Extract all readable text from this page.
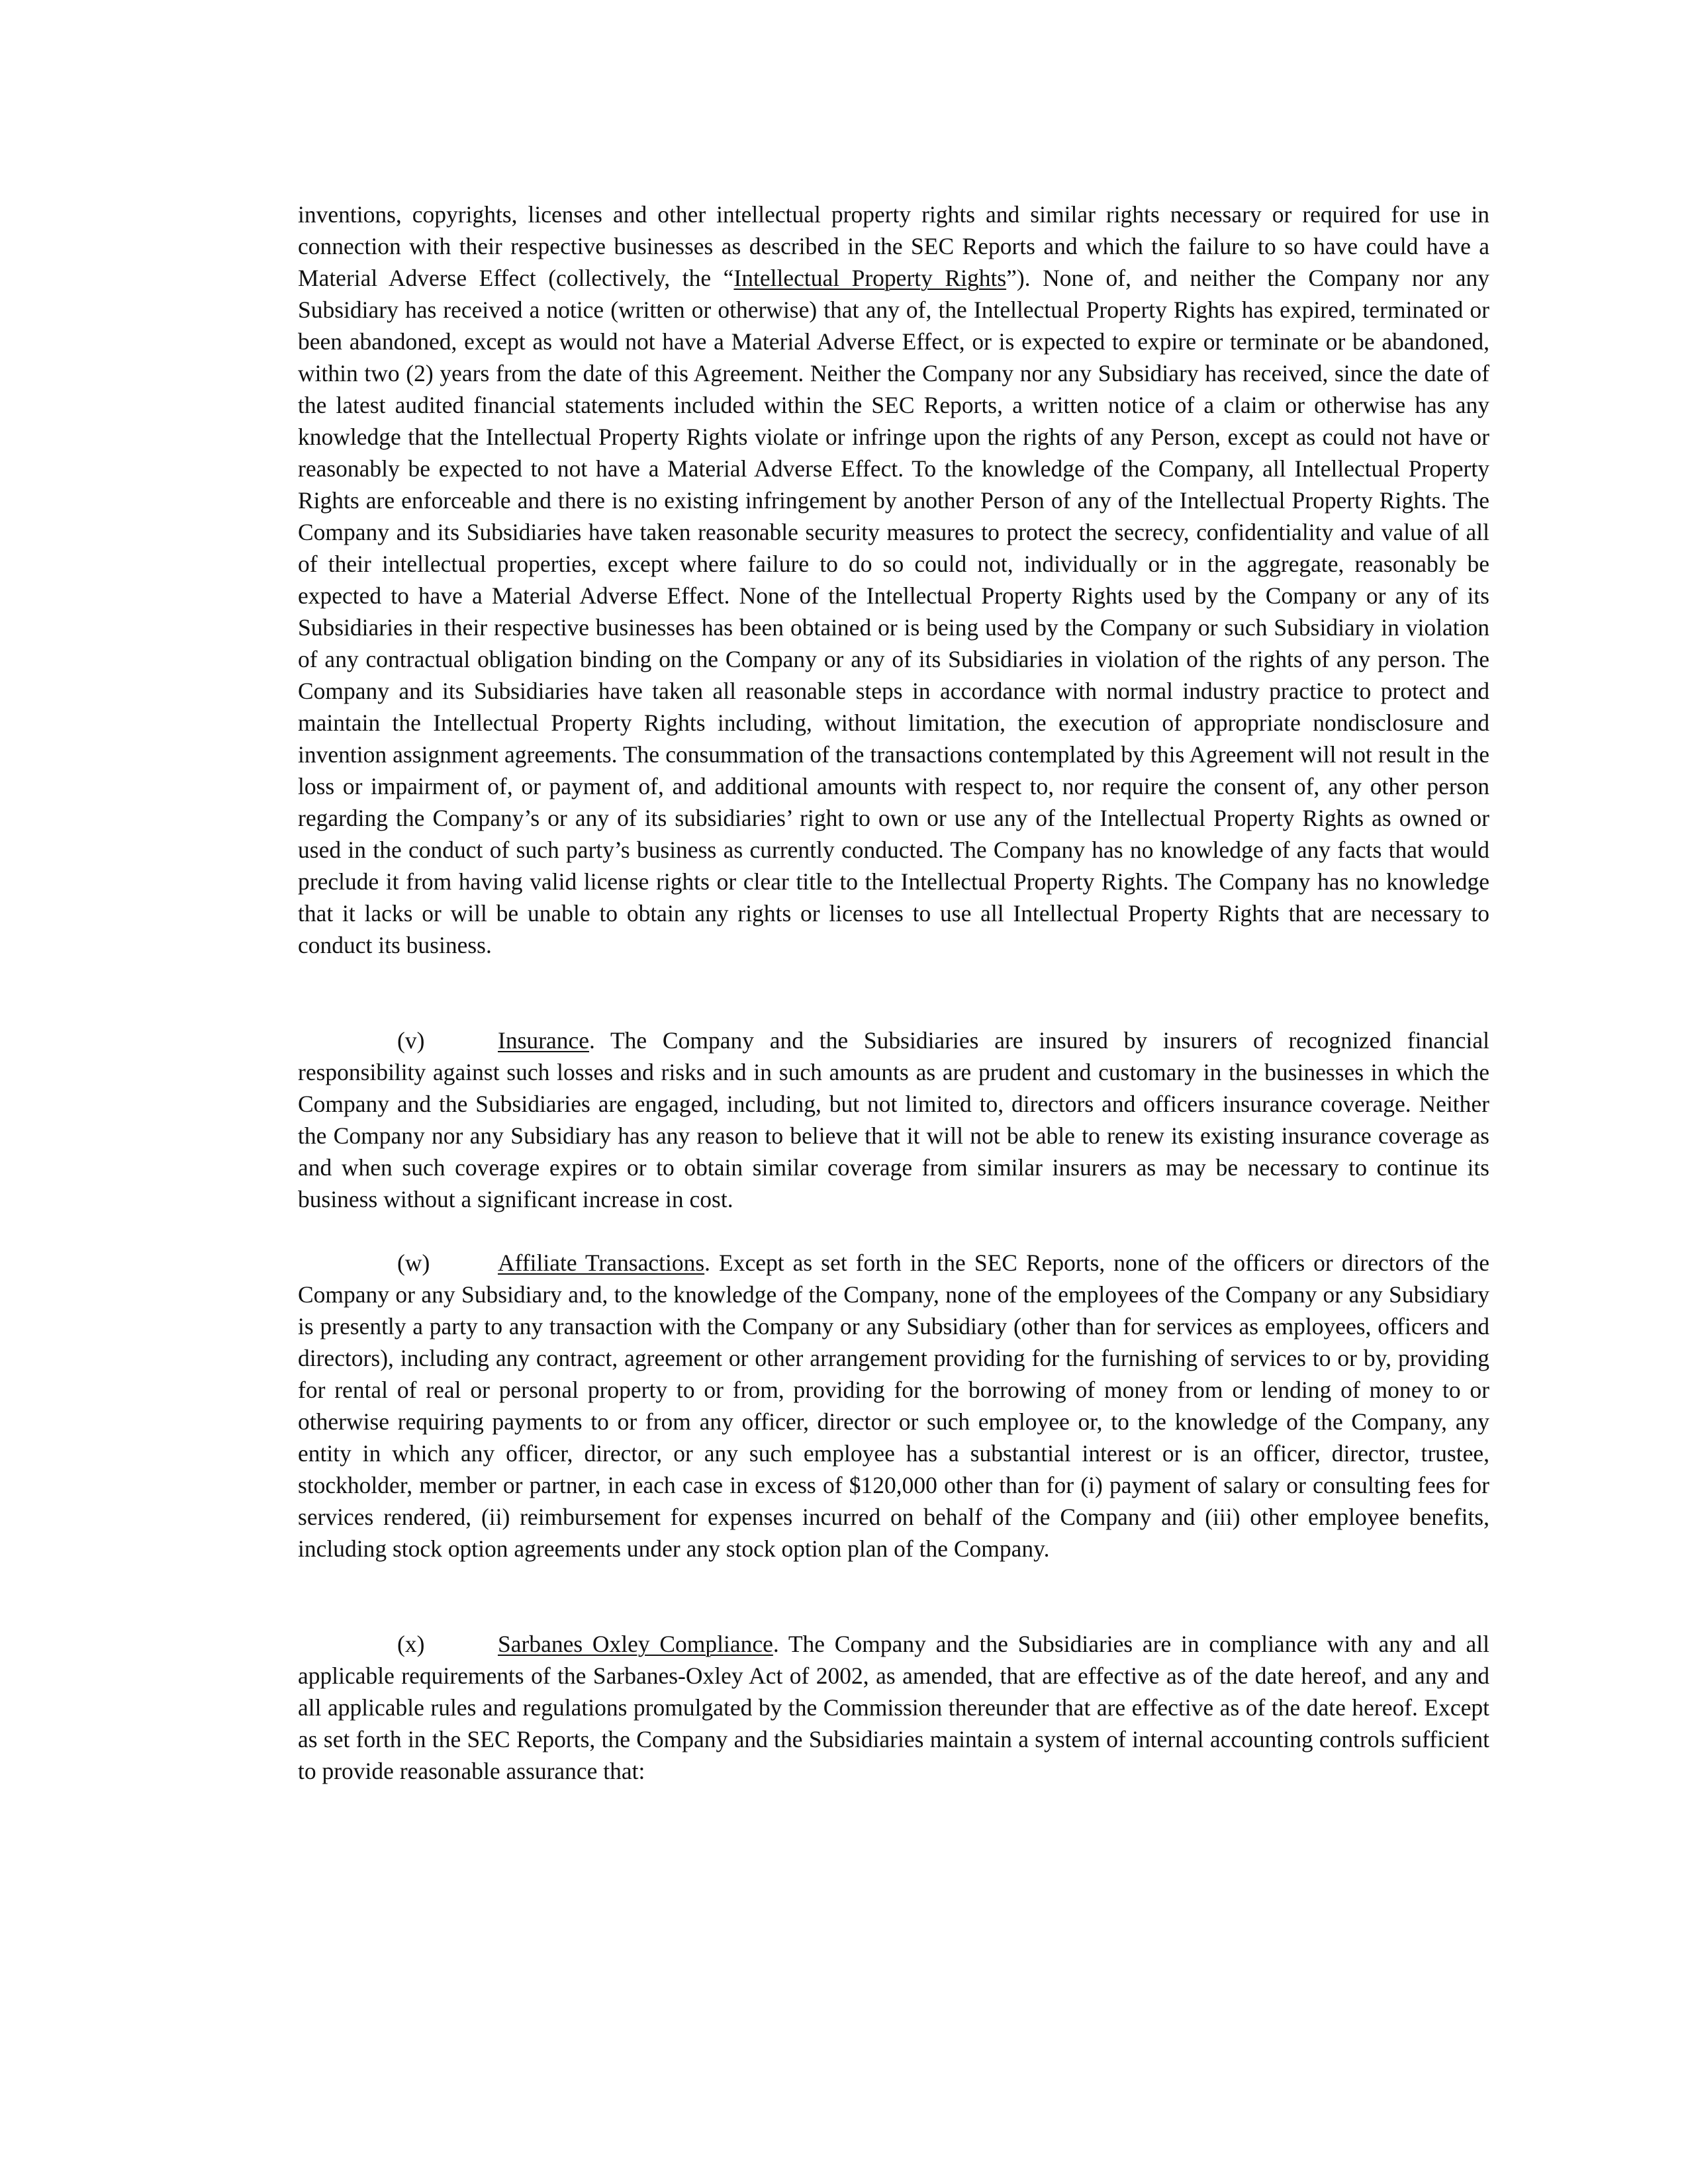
inventions, copyrights, licenses and other intellectual property rights and similar rights necessary or required for use in connection with their respective businesses as described in the SEC Reports and which the failure to so have could have a Material Adverse Effect (collectively, the “Intellectual Property Rights”). None of, and neither the Company nor any Subsidiary has received a notice (written or otherwise) that any of, the Intellectual Property Rights has expired, terminated or been abandoned, except as would not have a Material Adverse Effect, or is expected to expire or terminate or be abandoned, within two (2) years from the date of this Agreement. Neither the Company nor any Subsidiary has received, since the date of the latest audited financial statements included within the SEC Reports, a written notice of a claim or otherwise has any knowledge that the Intellectual Property Rights violate or infringe upon the rights of any Person, except as could not have or reasonably be expected to not have a Material Adverse Effect. To the knowledge of the Company, all Intellectual Property Rights are enforceable and there is no existing infringement by another Person of any of the Intellectual Property Rights. The Company and its Subsidiaries have taken reasonable security measures to protect the secrecy, confidentiality and value of all of their intellectual properties, except where failure to do so could not, individually or in the aggregate, reasonably be expected to have a Material Adverse Effect. None of the Intellectual Property Rights used by the Company or any of its Subsidiaries in their respective businesses has been obtained or is being used by the Company or such Subsidiary in violation of any contractual obligation binding on the Company or any of its Subsidiaries in violation of the rights of any person. The Company and its Subsidiaries have taken all reasonable steps in accordance with normal industry practice to protect and maintain the Intellectual Property Rights including, without limitation, the execution of appropriate nondisclosure and invention assignment agreements. The consummation of the transactions contemplated by this Agreement will not result in the loss or impairment of, or payment of, and additional amounts with respect to, nor require the consent of, any other person regarding the Company’s or any of its subsidiaries’ right to own or use any of the Intellectual Property Rights as owned or used in the conduct of such party’s business as currently conducted. The Company has no knowledge of any facts that would preclude it from having valid license rights or clear title to the Intellectual Property Rights. The Company has no knowledge that it lacks or will be unable to obtain any rights or licenses to use all Intellectual Property Rights that are necessary to conduct its business.

(v)	Insurance. The Company and the Subsidiaries are insured by insurers of recognized financial responsibility against such losses and risks and in such amounts as are prudent and customary in the businesses in which the Company and the Subsidiaries are engaged, including, but not limited to, directors and officers insurance coverage. Neither the Company nor any Subsidiary has any reason to believe that it will not be able to renew its existing insurance coverage as and when such coverage expires or to obtain similar coverage from similar insurers as may be necessary to continue its business without a significant increase in cost.

(w)	Affiliate Transactions. Except as set forth in the SEC Reports, none of the officers or directors of the Company or any Subsidiary and, to the knowledge of the Company, none of the employees of the Company or any Subsidiary is presently a party to any transaction with the Company or any Subsidiary (other than for services as employees, officers and directors), including any contract, agreement or other arrangement providing for the furnishing of services to or by, providing for rental of real or personal property to or from, providing for the borrowing of money from or lending of money to or otherwise requiring payments to or from any officer, director or such employee or, to the knowledge of the Company, any entity in which any officer, director, or any such employee has a substantial interest or is an officer, director, trustee, stockholder, member or partner, in each case in excess of $120,000 other than for (i) payment of salary or consulting fees for services rendered, (ii) reimbursement for expenses incurred on behalf of the Company and (iii) other employee benefits, including stock option agreements under any stock option plan of the Company.

(x)	Sarbanes Oxley Compliance. The Company and the Subsidiaries are in compliance with any and all applicable requirements of the Sarbanes-Oxley Act of 2002, as amended, that are effective as of the date hereof, and any and all applicable rules and regulations promulgated by the Commission thereunder that are effective as of the date hereof. Except as set forth in the SEC Reports, the Company and the Subsidiaries maintain a system of internal accounting controls sufficient to provide reasonable assurance that:
